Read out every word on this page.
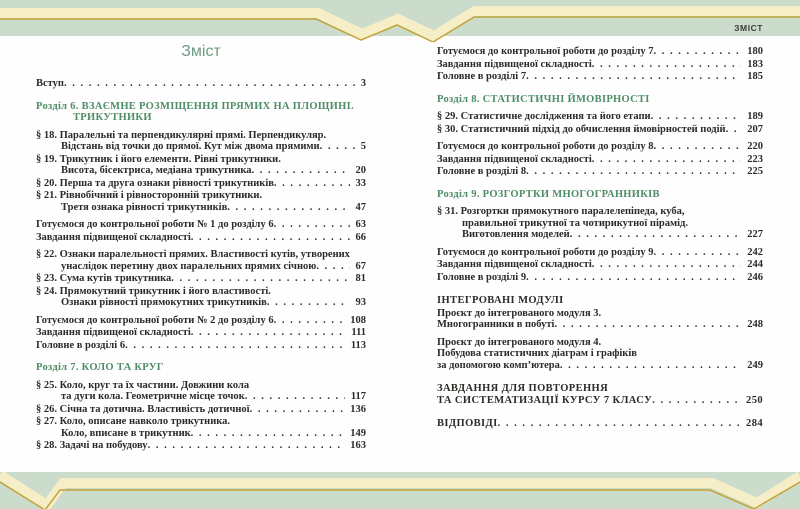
ЗМІСТ
Зміст
Вступ . . .	3
Розділ 6. ВЗАЄМНЕ РОЗМІЩЕННЯ ПРЯМИХ НА ПЛОЩИНІ.
ТРИКУТНИКИ
§ 18. Паралельні та перпендикулярні прямі. Перпендикуляр.
Відстань від точки до прямої. Кут між двома прямими . . .	5
§ 19. Трикутник і його елементи. Рівні трикутники.
Висота, бісектриса, медіана трикутника . . .	20
§ 20. Перша та друга ознаки рівності трикутників . . .	33
§ 21. Рівнобічний і рівносторонній трикутники.
Третя ознака рівності трикутників . . .	47
Готуємося до контрольної роботи № 1 до розділу 6 . . .	63
Завдання підвищеної складності . . .	66
§ 22. Ознаки паралельності прямих. Властивості кутів, утворених
унаслідок перетину двох паралельних прямих січною . . .	67
§ 23. Сума кутів трикутника . . .	81
§ 24. Прямокутний трикутник і його властивості.
Ознаки рівності прямокутних трикутників . . .	93
Готуємося до контрольної роботи № 2 до розділу 6 . . .	108
Завдання підвищеної складності . . .	111
Головне в розділі 6 . . .	113
Розділ 7. КОЛО ТА КРУГ
§ 25. Коло, круг та їх частини. Довжини кола
та дуги кола. Геометричне місце точок . . .	117
§ 26. Січна та дотична. Властивість дотичної . . .	136
§ 27. Коло, описане навколо трикутника.
Коло, вписане в трикутник . . .	149
§ 28. Задачі на побудову . . .	163
Готуємося до контрольної роботи до розділу 7 . . .	180
Завдання підвищеної складності . . .	183
Головне в розділі 7 . . .	185
Розділ 8. СТАТИСТИЧНІ ЙМОВІРНОСТІ
§ 29. Статистичне дослідження та його етапи . . .	189
§ 30. Статистичний підхід до обчислення ймовірностей подій . . .	207
Готуємося до контрольної роботи до розділу 8 . . .	220
Завдання підвищеної складності . . .	223
Головне в розділі 8 . . .	225
Розділ 9. РОЗГОРТКИ МНОГОГРАННИКІВ
§ 31. Розгортки прямокутного паралелепіпеда, куба,
правильної трикутної та чотирикутної пірамід.
Виготовлення моделей . . .	227
Готуємося до контрольної роботи до розділу 9 . . .	242
Завдання підвищеної складності . . .	244
Головне в розділі 9 . . .	246
ІНТЕГРОВАНІ МОДУЛІ
Проєкт до інтегрованого модуля 3.
Многогранники в побуті . . .	248
Проєкт до інтегрованого модуля 4.
Побудова статистичних діаграм і графіків
за допомогою комп’ютера . . .	249
ЗАВДАННЯ ДЛЯ ПОВТОРЕННЯ
ТА СИСТЕМАТИЗАЦІЇ КУРСУ 7 КЛАСУ . . .	250
ВІДПОВІДІ . . .	284
